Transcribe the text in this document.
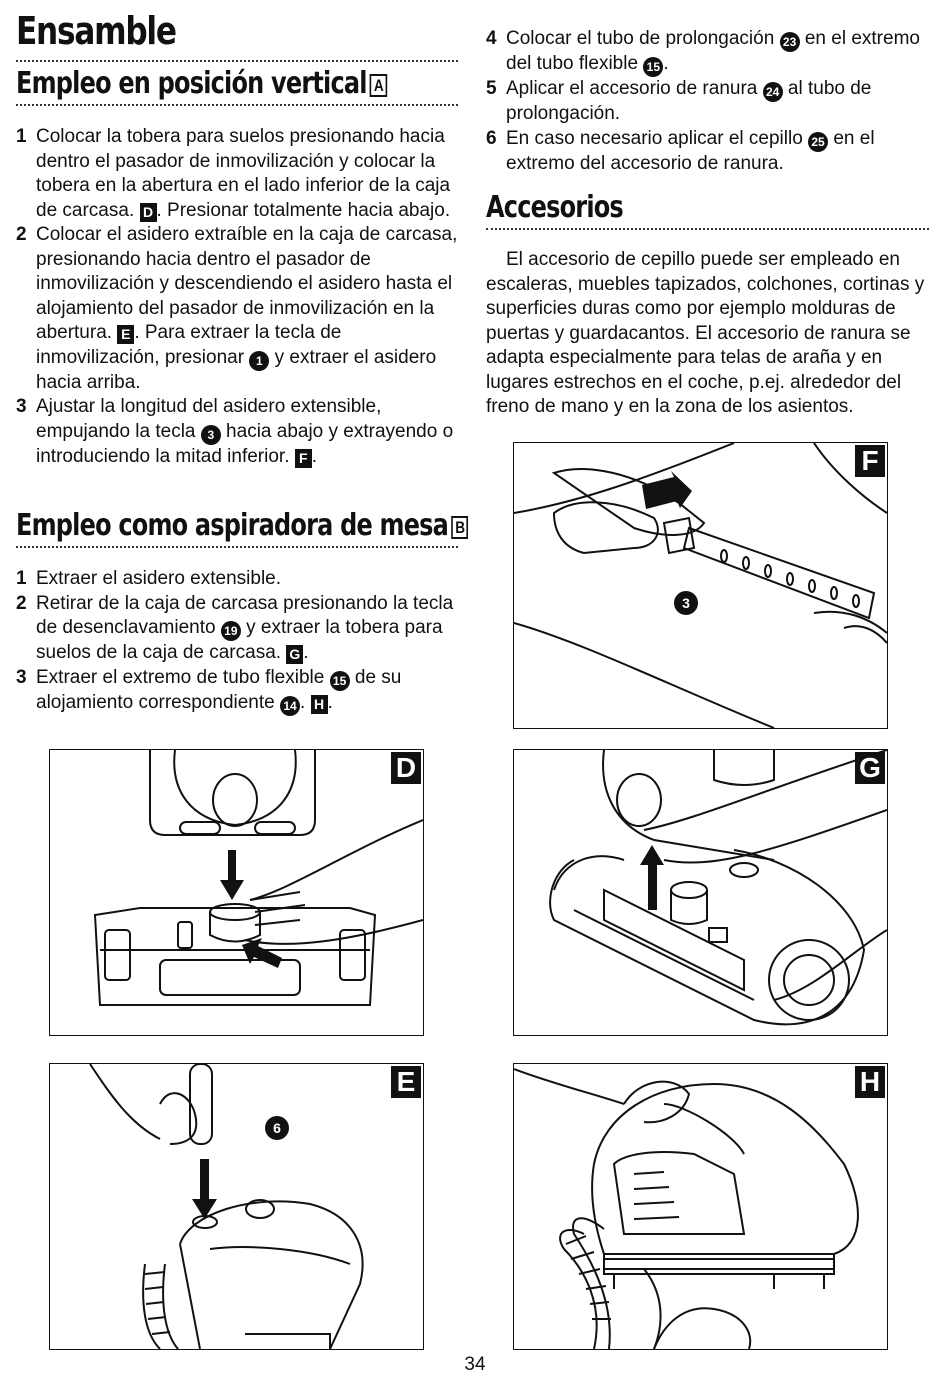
Ensamble
Empleo en posición vertical A
1 Colocar la tobera para suelos presionando hacia dentro el pasador de inmovilización y colocar la tobera en la abertura en el lado inferior de la caja de carcasa. D . Presionar totalmente hacia abajo.
2 Colocar el asidero extraíble en la caja de carcasa, presionando hacia dentro el pasador de inmovilización y descendiendo el asidero hasta el alojamiento del pasador de inmovilización en la abertura. E . Para extraer la tecla de inmovilización, presionar 1 y extraer el asidero hacia arriba.
3 Ajustar la longitud del asidero extensible, empujando la tecla 3 hacia abajo y extrayendo o introduciendo la mitad inferior. F .
Empleo como aspiradora de mesa B
1 Extraer el asidero extensible.
2 Retirar de la caja de carcasa presionando la tecla de desenclavamiento 19 y extraer la tobera para suelos de la caja de carcasa. G .
3 Extraer el extremo de tubo flexible 15 de su alojamiento correspondiente 14 . H .
4 Colocar el tubo de prolongación 23 en el extremo del tubo flexible 15 .
5 Aplicar el accesorio de ranura 24 al tubo de prolongación.
6 En caso necesario aplicar el cepillo 25 en el extremo del accesorio de ranura.
Accesorios
El accesorio de cepillo puede ser empleado en escaleras, muebles tapizados, colchones, cortinas y superficies duras como por ejemplo molduras de puertas y guardacantos. El accesorio de ranura se adapta especialmente para telas de araña y en lugares estrechos en el coche, p.ej. alrededor del freno de mano y en la zona de los asientos.
3
F
D	G
6
E	H
34
